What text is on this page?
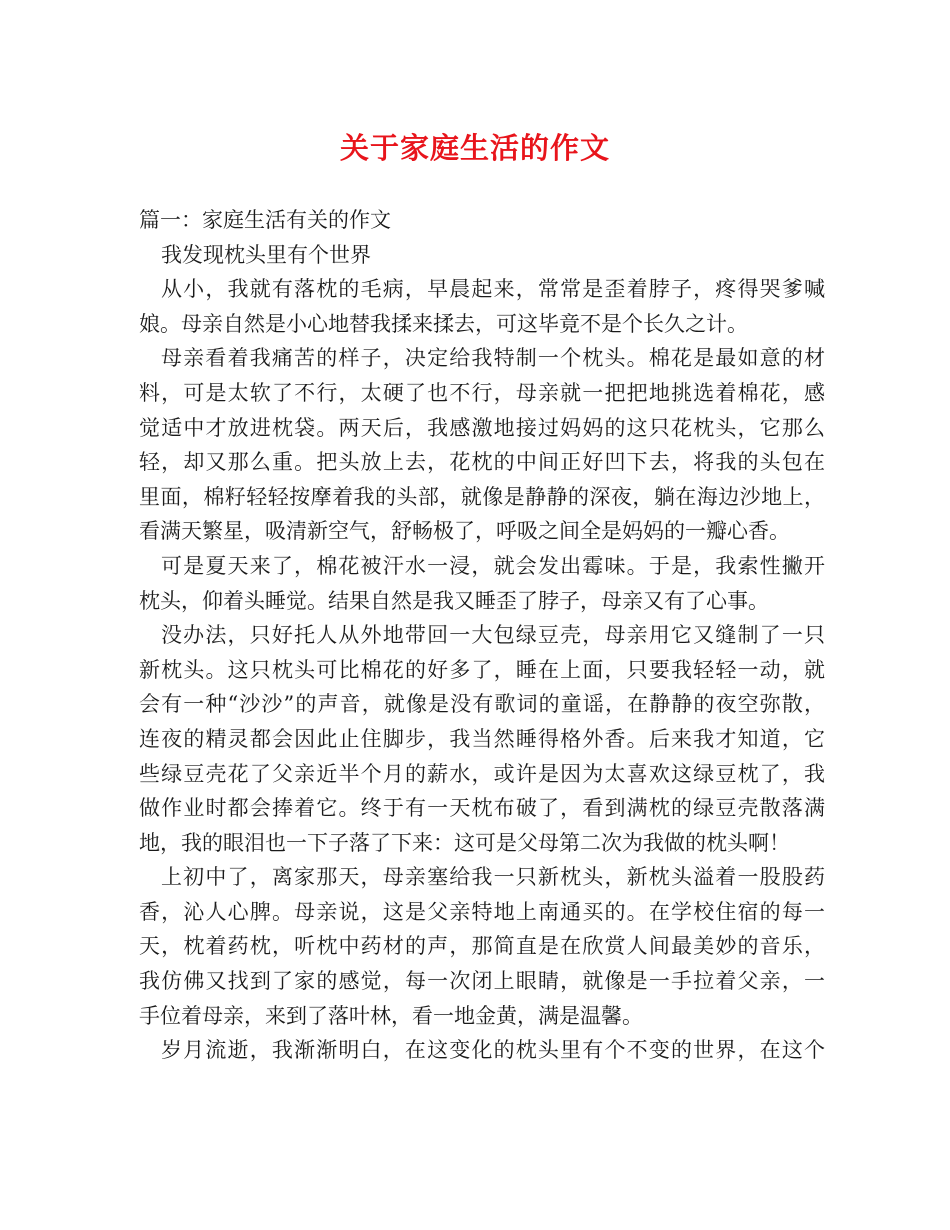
关于家庭生活的作文

篇一：家庭生活有关的作文

我发现枕头里有个世界

从小，我就有落枕的毛病，早晨起来，常常是歪着脖子，疼得哭爹喊

娘。母亲自然是小心地替我揉来揉去，可这毕竟不是个长久之计。

母亲看着我痛苦的样子，决定给我特制一个枕头。棉花是最如意的材

料，可是太软了不行，太硬了也不行，母亲就一把把地挑选着棉花，感

觉适中才放进枕袋。两天后，我感激地接过妈妈的这只花枕头，它那么

轻，却又那么重。把头放上去，花枕的中间正好凹下去，将我的头包在

里面，棉籽轻轻按摩着我的头部，就像是静静的深夜，躺在海边沙地上，

看满天繁星，吸清新空气，舒畅极了，呼吸之间全是妈妈的一瓣心香。

可是夏天来了，棉花被汗水一浸，就会发出霉味。于是，我索性撇开

枕头，仰着头睡觉。结果自然是我又睡歪了脖子，母亲又有了心事。

没办法，只好托人从外地带回一大包绿豆壳，母亲用它又缝制了一只

新枕头。这只枕头可比棉花的好多了，睡在上面，只要我轻轻一动，就

会有一种“沙沙”的声音，就像是没有歌词的童谣，在静静的夜空弥散，

连夜的精灵都会因此止住脚步，我当然睡得格外香。后来我才知道，它

些绿豆壳花了父亲近半个月的薪水，或许是因为太喜欢这绿豆枕了，我

做作业时都会捧着它。终于有一天枕布破了，看到满枕的绿豆壳散落满

地，我的眼泪也一下子落了下来：这可是父母第二次为我做的枕头啊！

上初中了，离家那天，母亲塞给我一只新枕头，新枕头溢着一股股药

香，沁人心脾。母亲说，这是父亲特地上南通买的。在学校住宿的每一

天，枕着药枕，听枕中药材的声，那简直是在欣赏人间最美妙的音乐，

我仿佛又找到了家的感觉，每一次闭上眼睛，就像是一手拉着父亲，一

手位着母亲，来到了落叶林，看一地金黄，满是温馨。

岁月流逝，我渐渐明白，在这变化的枕头里有个不变的世界，在这个
